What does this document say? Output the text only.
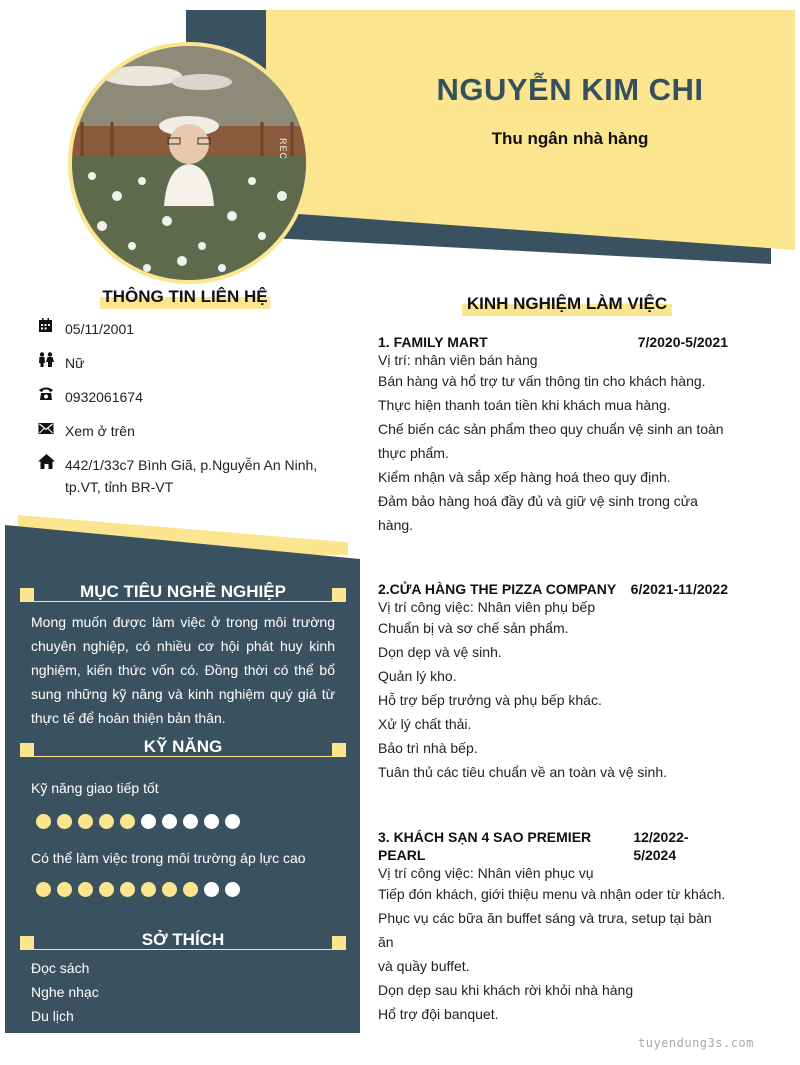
REC
NGUYỄN KIM CHI
Thu ngân nhà hàng
THÔNG TIN LIÊN HỆ
05/11/2001
Nữ
0932061674
Xem ở trên
442/1/33c7 Bình Giã, p.Nguyễn An Ninh, tp.VT, tỉnh BR-VT
MỤC TIÊU NGHỀ NGHIỆP
Mong muốn được làm việc ở trong môi trường chuyên nghiệp, có nhiều cơ hội phát huy kinh nghiệm, kiến thức vốn có. Đồng thời có thể bổ sung những kỹ năng và kinh nghiệm quý giá từ thực tế để hoàn thiện bản thân.
KỸ NĂNG
Kỹ năng giao tiếp tốt
Có thể làm việc trong môi trường áp lực cao
SỞ THÍCH
Đọc sách
Nghe nhạc
Du lịch
KINH NGHIỆM LÀM VIỆC
1. FAMILY MART	7/2020-5/2021
Vị trí: nhân viên bán hàng
Bán hàng và hổ trợ tư vấn thông tin cho khách hàng.
Thực hiện thanh toán tiền khi khách mua hàng.
Chế biến các sản phẩm theo quy chuẩn vệ sinh an toàn
thực phẩm.
Kiểm nhận và sắp xếp hàng hoá theo quy định.
Đảm bảo hàng hoá đầy đủ và giữ vệ sinh trong cửa
hàng.
2.CỬA HÀNG THE PIZZA COMPANY 6/2021-11/2022
Vị trí công việc: Nhân viên phụ bếp
Chuẩn bị và sơ chế sản phẩm.
Dọn dẹp và vệ sinh.
Quản lý kho.
Hỗ trợ bếp trưởng và phụ bếp khác.
Xử lý chất thải.
Bảo trì nhà bếp.
Tuân thủ các tiêu chuẩn về an toàn và vệ sinh.
3. KHÁCH SẠN 4 SAO PREMIER PEARL
12/2022-5/2024
Vị trí công việc: Nhân viên phục vụ
Tiếp đón khách, giới thiệu menu và nhận oder từ khách.
Phục vụ các bữa ăn buffet sáng và trưa, setup tại bàn ăn
và quầy buffet.
Dọn dẹp sau khi khách rời khỏi nhà hàng
Hổ trợ đội banquet.
tuyendung3s.com
